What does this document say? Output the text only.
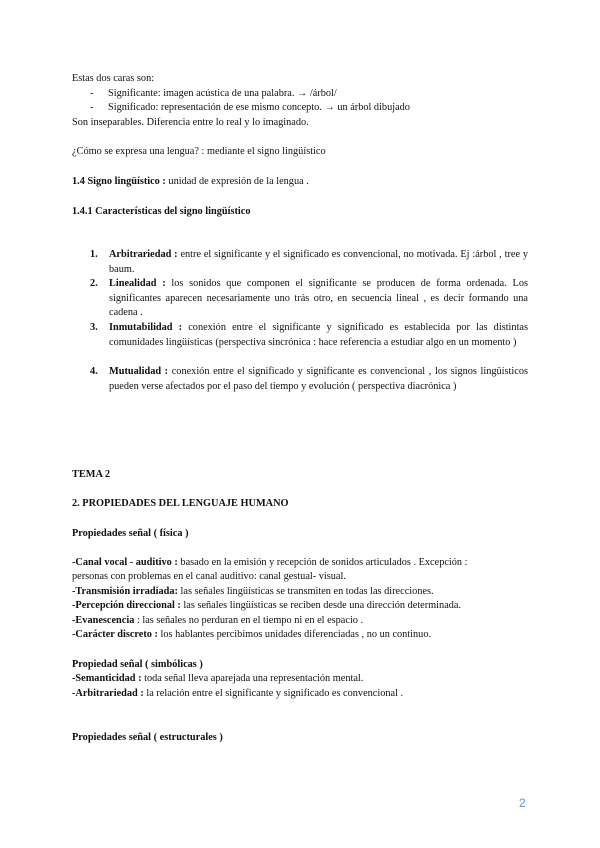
Estas dos caras son:
- Significante: imagen acústica de una palabra. → /árbol/
- Significado: representación de ese mismo concepto. → un árbol dibujado
Son inseparables. Diferencia entre lo real y lo imaginado.
¿Cómo se expresa una lengua? : mediante el signo lingüístico
1.4 Signo lingüístico : unidad de expresión de la lengua .
1.4.1 Características del signo lingüístico
1. Arbitrariedad : entre el significante y el significado es convencional, no motivada. Ej :árbol , tree y baum.
2. Linealidad : los sonidos que componen el significante se producen de forma ordenada. Los significantes aparecen necesariamente uno trás otro, en secuencia lineal , es decir formando una cadena .
3. Inmutabilidad : conexión entre el significante y significado es establecida por las distintas comunidades lingüísticas (perspectiva sincrónica : hace referencia a estudiar algo en un momento )
4. Mutualidad : conexión entre el significado y significante es convencional , los signos lingüísticos pueden verse afectados por el paso del tiempo y evolución ( perspectiva diacrónica )
TEMA 2
2. PROPIEDADES DEL LENGUAJE HUMANO
Propiedades señal ( física )
-Canal vocal - auditivo : basado en la emisión y recepción de sonidos articulados . Excepción :
personas con problemas en el canal auditivo: canal gestual- visual.
-Transmisión irradiada: las señales lingüísticas se transmiten en todas las direcciones.
-Percepción direccional : las señales lingüísticas se reciben desde una dirección determinada.
-Evanescencia : las señales no perduran en el tiempo ni en el espacio .
-Carácter discreto : los hablantes percibimos unidades diferenciadas , no un continuo.
Propiedad señal ( simbólicas )
-Semanticidad : toda señal lleva aparejada una representación mental.
-Arbitrariedad : la relación entre el significante y significado es convencional .
Propiedades señal ( estructurales )
2
